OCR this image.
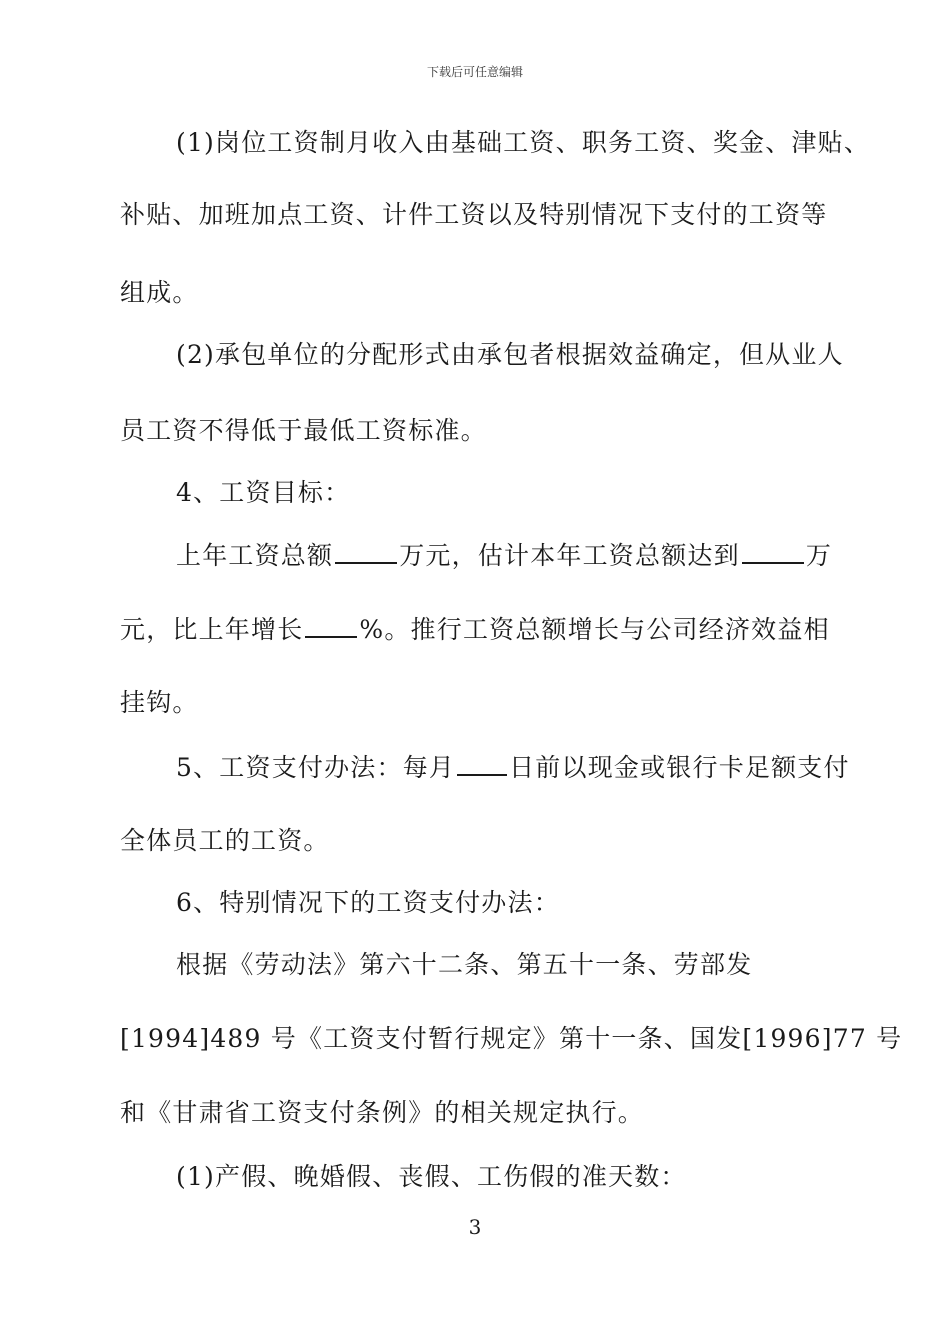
下载后可任意编辑
(1)岗位工资制月收入由基础工资、职务工资、奖金、津贴、
补贴、加班加点工资、计件工资以及特别情况下支付的工资等
组成。
(2)承包单位的分配形式由承包者根据效益确定，但从业人
员工资不得低于最低工资标准。
4、工资目标：
上年工资总额	万元，估计本年工资总额达到	万
元，比上年增长 %。推行工资总额增长与公司经济效益相
挂钩。
5、工资支付办法：每月 日前以现金或银行卡足额支付
全体员工的工资。
6、特别情况下的工资支付办法：
根据《劳动法》第六十二条、第五十一条、劳部发
[1994]489 号《工资支付暂行规定》第十一条、国发[1996]77 号
和《甘肃省工资支付条例》的相关规定执行。
(1)产假、晚婚假、丧假、工伤假的准天数：
3
